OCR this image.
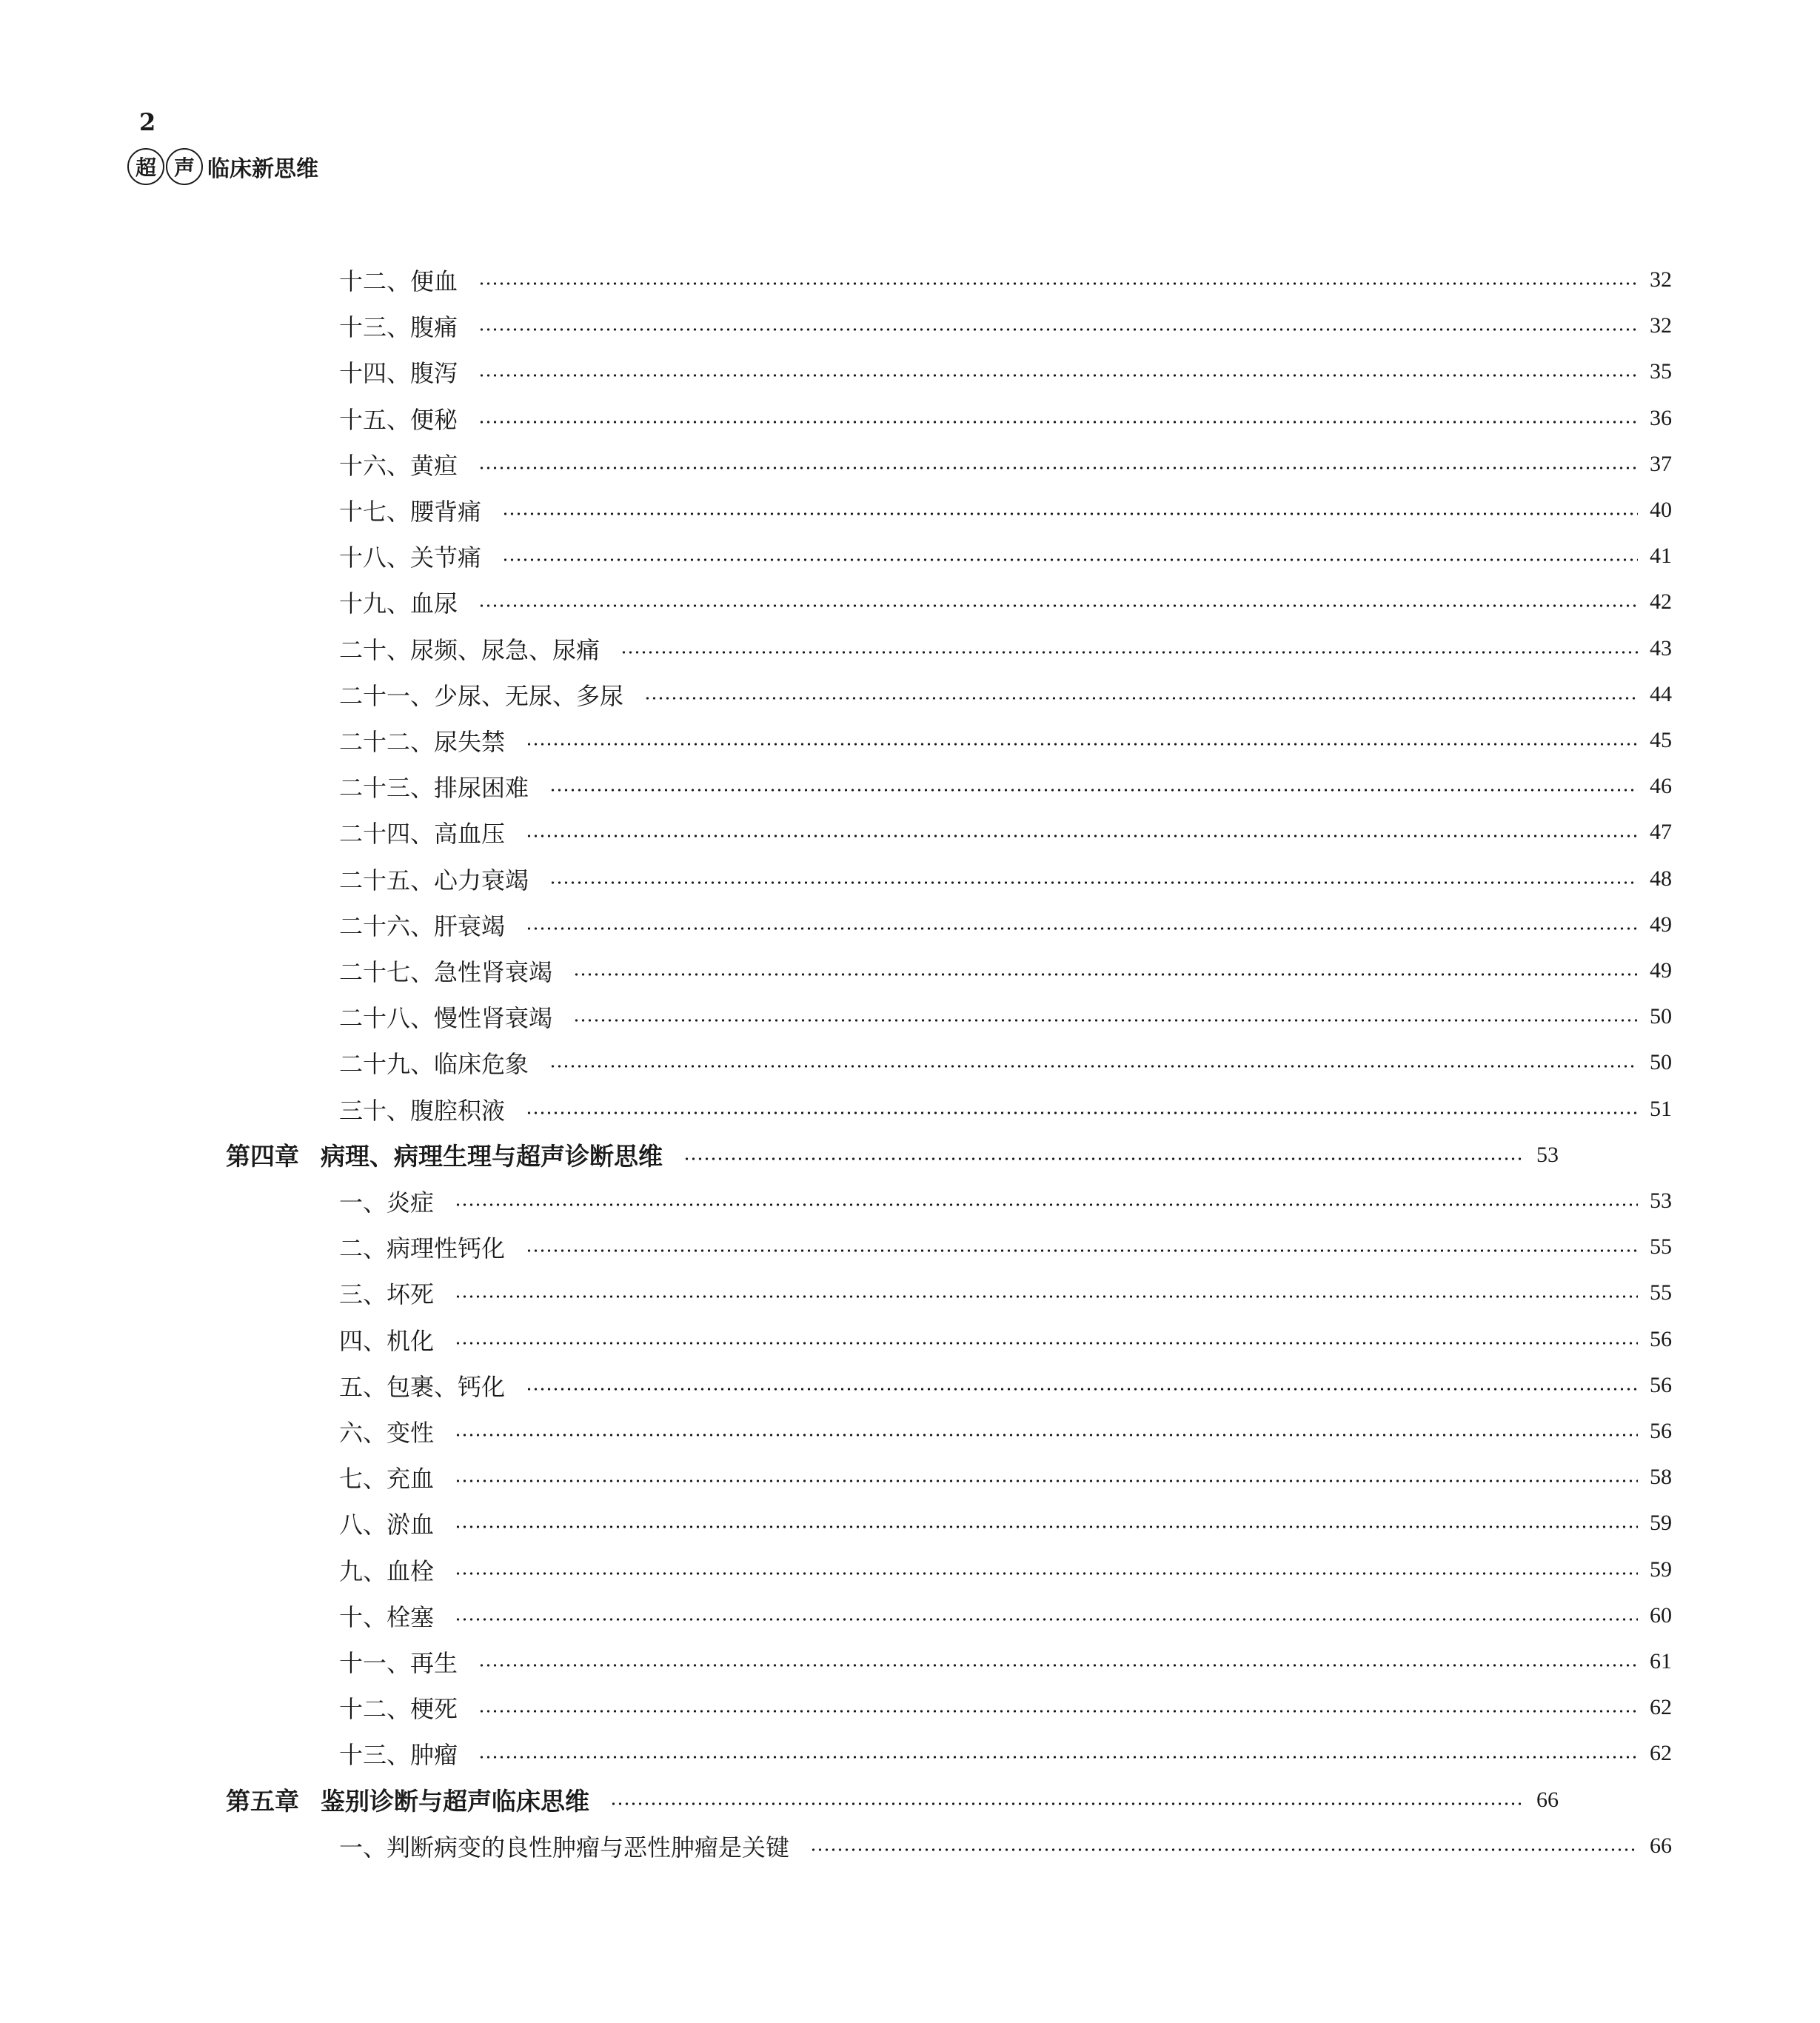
2
超 声 临床新思维
十二、便血	32
十三、腹痛	32
十四、腹泻	35
十五、便秘	36
十六、黄疸	37
十七、腰背痛	40
十八、关节痛	41
十九、血尿	42
二十、尿频、尿急、尿痛	43
二十一、少尿、无尿、多尿	44
二十二、尿失禁	45
二十三、排尿困难	46
二十四、高血压	47
二十五、心力衰竭	48
二十六、肝衰竭	49
二十七、急性肾衰竭	49
二十八、慢性肾衰竭	50
二十九、临床危象	50
三十、腹腔积液	51
第四章 病理、病理生理与超声诊断思维	53
一、炎症	53
二、病理性钙化	55
三、坏死	55
四、机化	56
五、包裹、钙化	56
六、变性	56
七、充血	58
八、淤血	59
九、血栓	59
十、栓塞	60
十一、再生	61
十二、梗死	62
十三、肿瘤	62
第五章 鉴别诊断与超声临床思维	66
一、判断病变的良性肿瘤与恶性肿瘤是关键	66
